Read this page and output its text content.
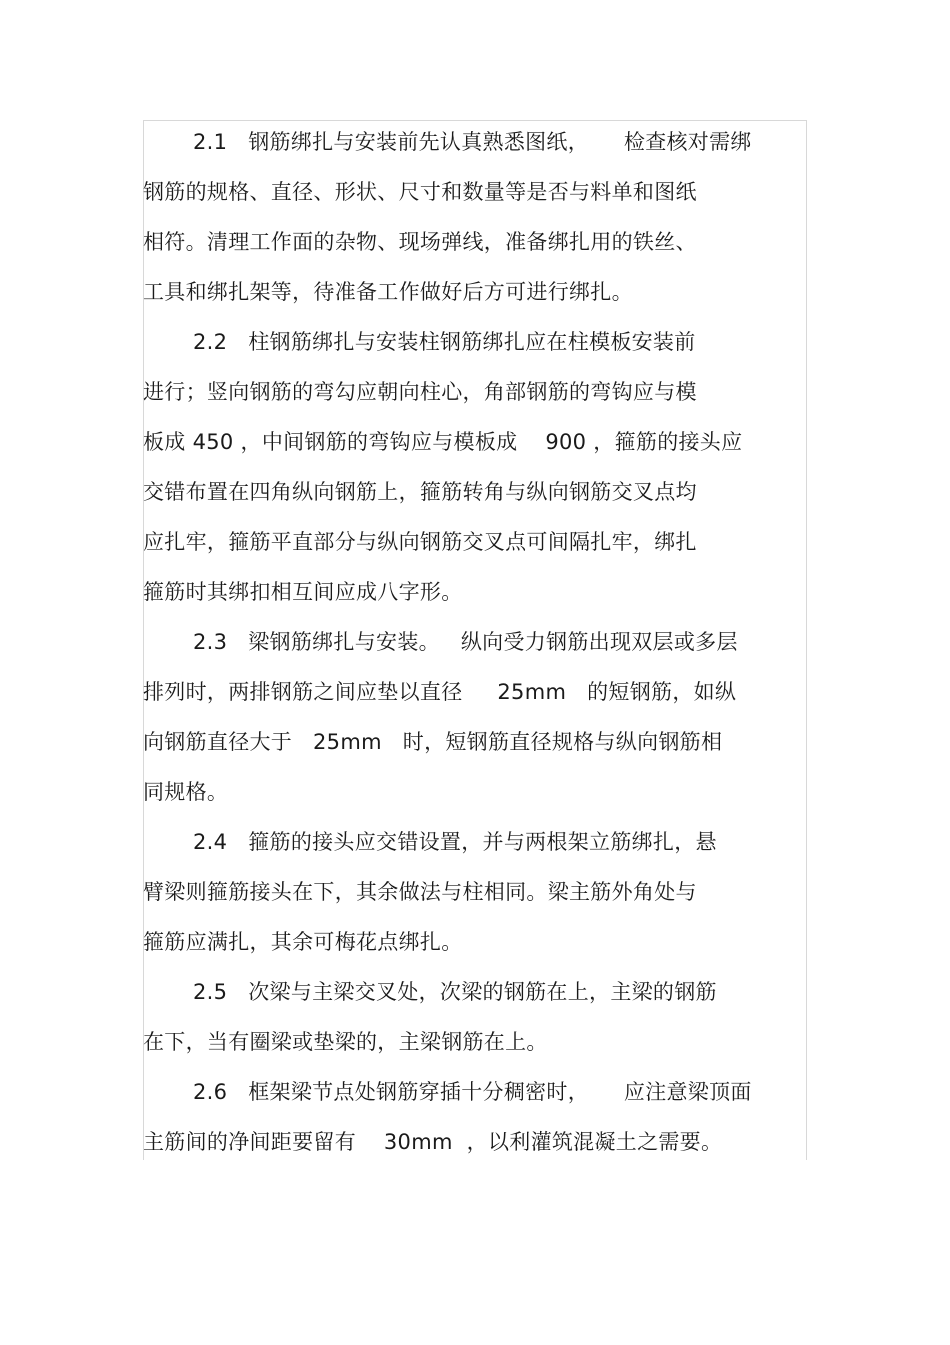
2.1   钢筋绑扎与安装前先认真熟悉图纸，     检查核对需绑
钢筋的规格、直径、形状、尺寸和数量等是否与料单和图纸
相符。清理工作面的杂物、现场弹线，准备绑扎用的铁丝、
工具和绑扎架等，待准备工作做好后方可进行绑扎。
2.2   柱钢筋绑扎与安装柱钢筋绑扎应在柱模板安装前
进行；竖向钢筋的弯勾应朝向柱心，角部钢筋的弯钩应与模
板成 450 ，中间钢筋的弯钩应与模板成    900 ，箍筋的接头应
交错布置在四角纵向钢筋上，箍筋转角与纵向钢筋交叉点均
应扎牢，箍筋平直部分与纵向钢筋交叉点可间隔扎牢，绑扎
箍筋时其绑扣相互间应成八字形。
2.3   梁钢筋绑扎与安装。   纵向受力钢筋出现双层或多层
排列时，两排钢筋之间应垫以直径     25mm   的短钢筋，如纵
向钢筋直径大于   25mm   时，短钢筋直径规格与纵向钢筋相
同规格。
2.4   箍筋的接头应交错设置，并与两根架立筋绑扎，悬
臂梁则箍筋接头在下，其余做法与柱相同。梁主筋外角处与
箍筋应满扎，其余可梅花点绑扎。
2.5   次梁与主梁交叉处，次梁的钢筋在上，主梁的钢筋
在下，当有圈梁或垫梁的，主梁钢筋在上。
2.6   框架梁节点处钢筋穿插十分稠密时，     应注意梁顶面
主筋间的净间距要留有    30mm  ，以利灌筑混凝土之需要。
